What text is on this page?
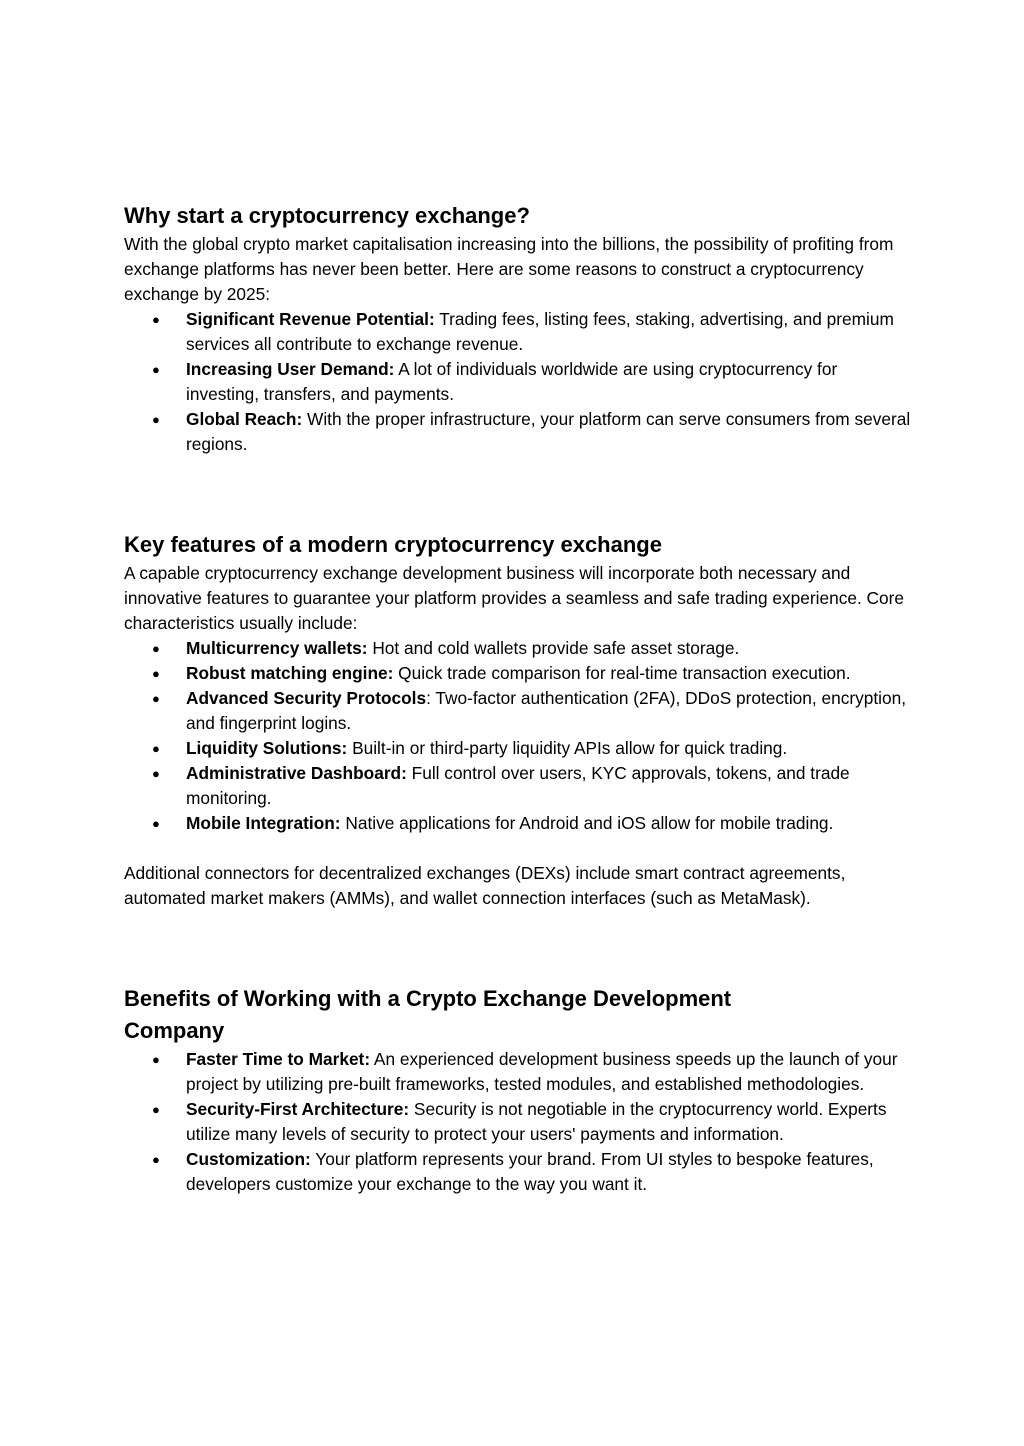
Why start a cryptocurrency exchange?

With the global crypto market capitalisation increasing into the billions, the possibility of profiting from exchange platforms has never been better. Here are some reasons to construct a cryptocurrency exchange by 2025:

● Significant Revenue Potential: Trading fees, listing fees, staking, advertising, and premium services all contribute to exchange revenue.
● Increasing User Demand: A lot of individuals worldwide are using cryptocurrency for investing, transfers, and payments.
● Global Reach: With the proper infrastructure, your platform can serve consumers from several regions.
Key features of a modern cryptocurrency exchange

A capable cryptocurrency exchange development business will incorporate both necessary and innovative features to guarantee your platform provides a seamless and safe trading experience. Core characteristics usually include:

● Multicurrency wallets: Hot and cold wallets provide safe asset storage.
● Robust matching engine: Quick trade comparison for real-time transaction execution.
● Advanced Security Protocols: Two-factor authentication (2FA), DDoS protection, encryption, and fingerprint logins.
● Liquidity Solutions: Built-in or third-party liquidity APIs allow for quick trading.
● Administrative Dashboard: Full control over users, KYC approvals, tokens, and trade monitoring.
● Mobile Integration: Native applications for Android and iOS allow for mobile trading.

Additional connectors for decentralized exchanges (DEXs) include smart contract agreements, automated market makers (AMMs), and wallet connection interfaces (such as MetaMask).

Benefits of Working with a Crypto Exchange Development Company
● Faster Time to Market: An experienced development business speeds up the launch of your project by utilizing pre-built frameworks, tested modules, and established methodologies.
● Security-First Architecture: Security is not negotiable in the cryptocurrency world. Experts utilize many levels of security to protect your users' payments and information.
● Customization: Your platform represents your brand. From UI styles to bespoke features, developers customize your exchange to the way you want it.
